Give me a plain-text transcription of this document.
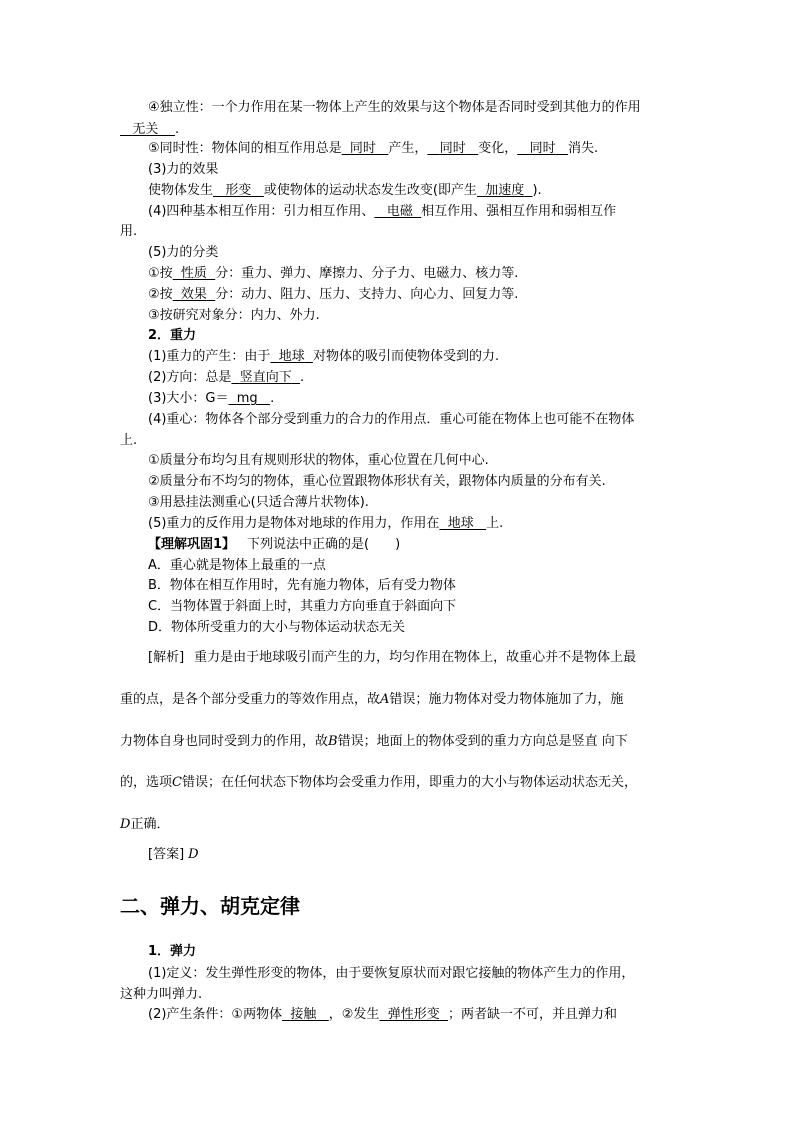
④独立性：一个力作用在某一物体上产生的效果与这个物体是否同时受到其他力的作用
无关 .
⑤同时性：物体间的相互作用总是 同时 产生， 同时 变化， 同时 消失.
(3)力的效果
使物体发生 形变 或使物体的运动状态发生改变(即产生 加速度 ).
(4)四种基本相互作用：引力相互作用、 电磁 相互作用、强相互作用和弱相互作
用.
(5)力的分类
①按 性质 分：重力、弹力、摩擦力、分子力、电磁力、核力等.
②按 效果 分：动力、阻力、压力、支持力、向心力、回复力等.
③按研究对象分：内力、外力.
2．重力
(1)重力的产生：由于 地球 对物体的吸引而使物体受到的力.
(2)方向：总是 竖直向下 .
(3)大小：G＝ mg .
(4)重心：物体各个部分受到重力的合力的作用点．重心可能在物体上也可能不在物体
上.
①质量分布均匀且有规则形状的物体，重心位置在几何中心.
②质量分布不均匀的物体，重心位置跟物体形状有关，跟物体内质量的分布有关.
③用悬挂法测重心(只适合薄片状物体).
(5)重力的反作用力是物体对地球的作用力，作用在 地球 上.
【理解巩固1】 下列说法中正确的是(　　)
A．重心就是物体上最重的一点
B．物体在相互作用时，先有施力物体，后有受力物体
C．当物体置于斜面上时，其重力方向垂直于斜面向下
D．物体所受重力的大小与物体运动状态无关
[解析] 重力是由于地球吸引而产生的力，均匀作用在物体上，故重心并不是物体上最
重的点，是各个部分受重力的等效作用点，故A错误；施力物体对受力物体施加了力，施
力物体自身也同时受到力的作用，故B错误；地面上的物体受到的重力方向总是竖直 向下
的，选项C错误；在任何状态下物体均会受重力作用，即重力的大小与物体运动状态无关，
D正确．
[答案] D
二、弹力、胡克定律
1．弹力
(1)定义：发生弹性形变的物体，由于要恢复原状而对跟它接触的物体产生力的作用，
这种力叫弹力.
(2)产生条件：①两物体 接触 ，②发生 弹性形变 ；两者缺一不可，并且弹力和
